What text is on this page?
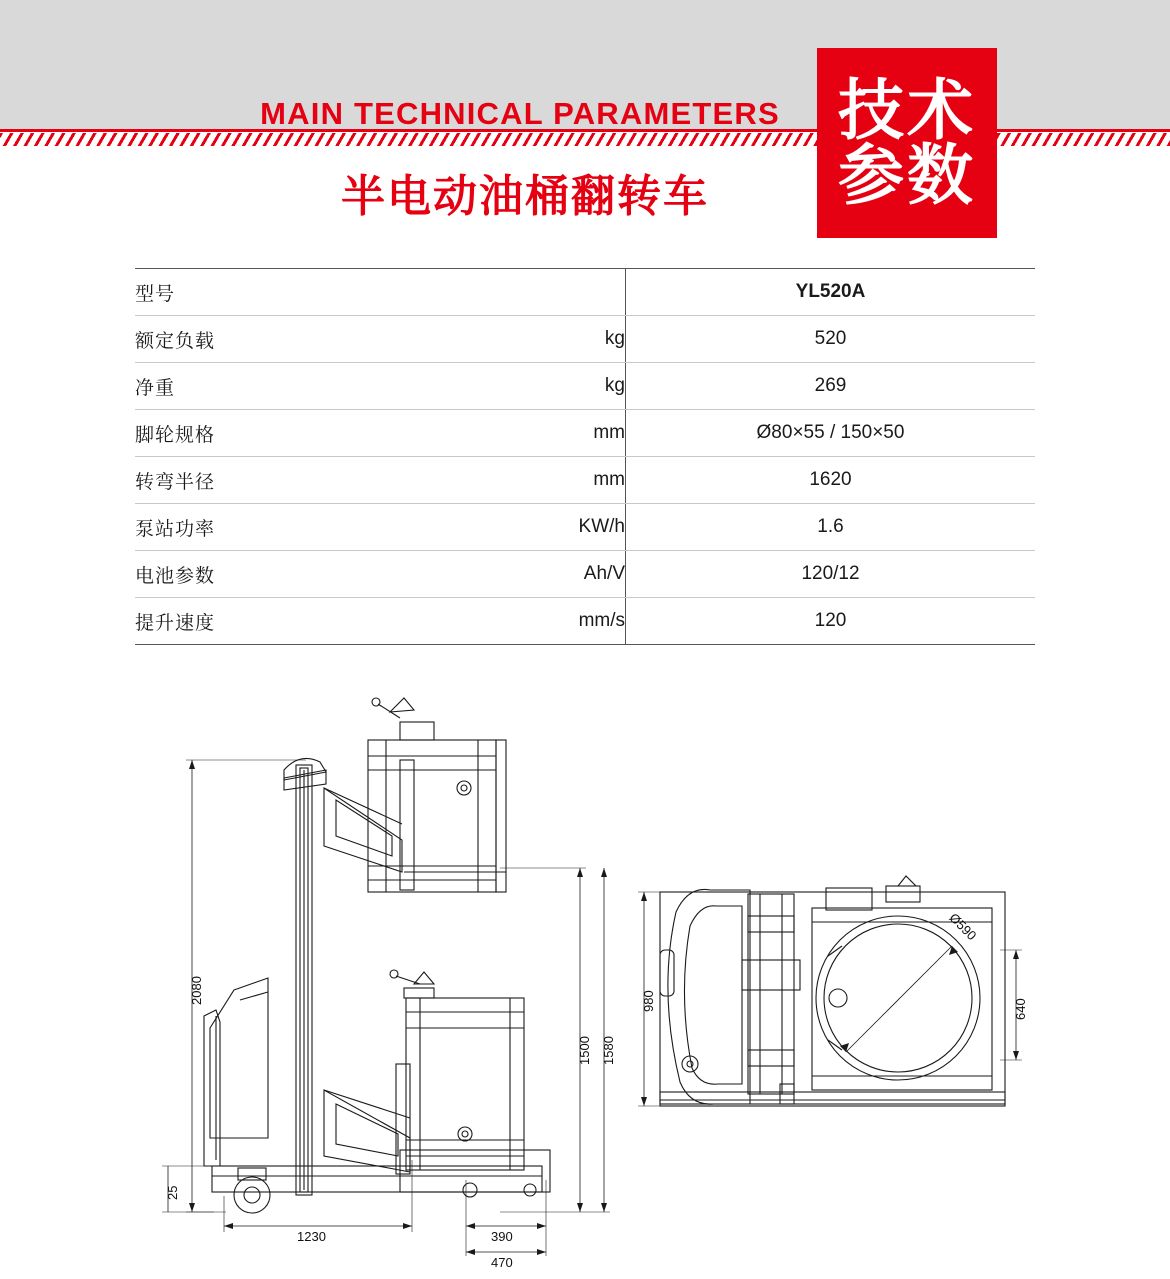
MAIN TECHNICAL PARAMETERS
半电动油桶翻转车
技术
参数
型号		YL520A
额定负载	kg	520
净重	kg	269
脚轮规格	mm	Ø80×55 / 150×50
转弯半径	mm	1620
泵站功率	KW/h	1.6
电池参数	Ah/V	120/12
提升速度	mm/s	120
2080
25
1500 1580
1230	390
470
980	640
Ø590
